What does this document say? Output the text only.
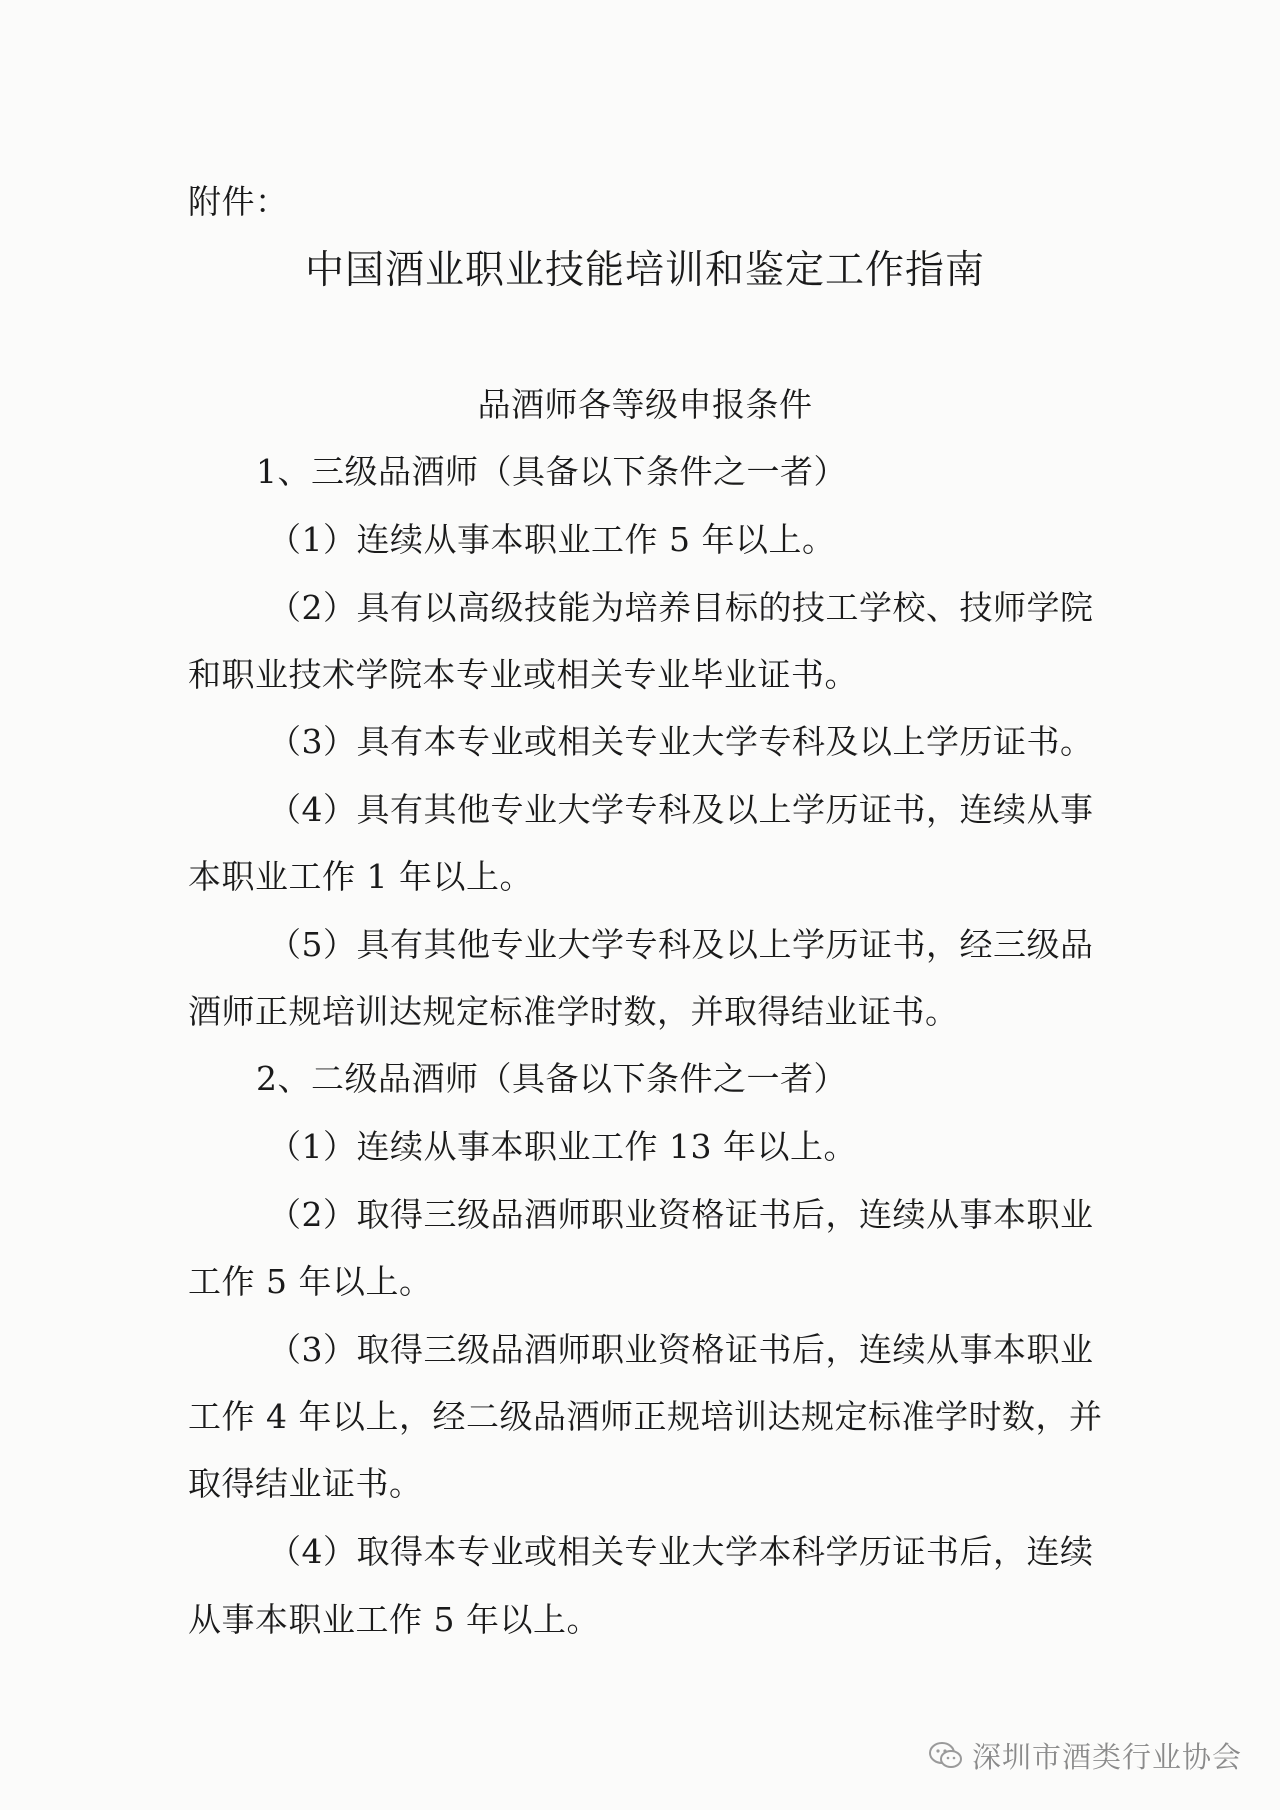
附件：
中国酒业职业技能培训和鉴定工作指南
品酒师各等级申报条件
1、三级品酒师（具备以下条件之一者）
（1）连续从事本职业工作 5 年以上。
（2）具有以高级技能为培养目标的技工学校、技师学院
和职业技术学院本专业或相关专业毕业证书。
（3）具有本专业或相关专业大学专科及以上学历证书。
（4）具有其他专业大学专科及以上学历证书，连续从事
本职业工作 1 年以上。
（5）具有其他专业大学专科及以上学历证书，经三级品
酒师正规培训达规定标准学时数，并取得结业证书。
2、二级品酒师（具备以下条件之一者）
（1）连续从事本职业工作 13 年以上。
（2）取得三级品酒师职业资格证书后，连续从事本职业
工作 5 年以上。
（3）取得三级品酒师职业资格证书后，连续从事本职业
工作 4 年以上，经二级品酒师正规培训达规定标准学时数，并
取得结业证书。
（4）取得本专业或相关专业大学本科学历证书后，连续
从事本职业工作 5 年以上。
深圳市酒类行业协会
